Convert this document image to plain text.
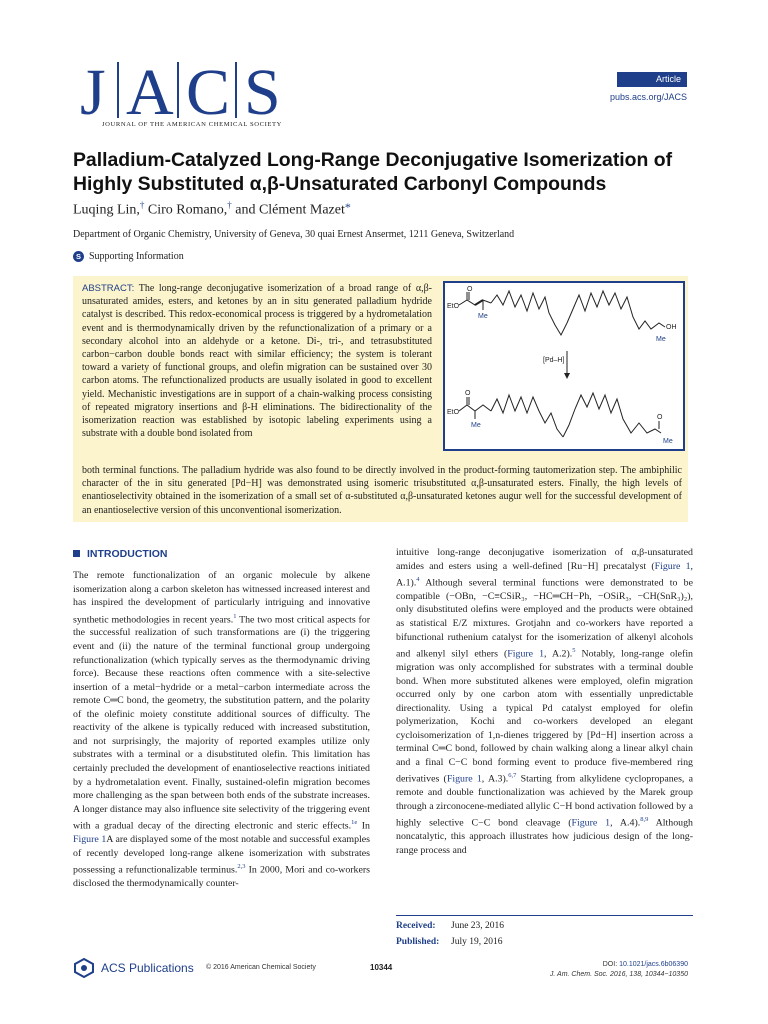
J A C S
JOURNAL OF THE AMERICAN CHEMICAL SOCIETY
Article
pubs.acs.org/JACS
Palladium-Catalyzed Long-Range Deconjugative Isomerization of Highly Substituted α,β-Unsaturated Carbonyl Compounds
Luqing Lin,† Ciro Romano,† and Clément Mazet*
Department of Organic Chemistry, University of Geneva, 30 quai Ernest Ansermet, 1211 Geneva, Switzerland
S Supporting Information
ABSTRACT: The long-range deconjugative isomerization of a broad range of α,β-unsaturated amides, esters, and ketones by an in situ generated palladium hydride catalyst is described. This redox-economical process is triggered by a hydrometalation event and is thermodynamically driven by the refunctionalization of a primary or a secondary alcohol into an aldehyde or a ketone. Di-, tri-, and tetrasubstituted carbon−carbon double bonds react with similar efficiency; the system is tolerant toward a variety of functional groups, and olefin migration can be sustained over 30 carbon atoms. The refunctionalized products are usually isolated in good to excellent yield. Mechanistic investigations are in support of a chain-walking process consisting of repeated migratory insertions and β-H eliminations. The bidirectionality of the isomerization reaction was established by isotopic labeling experiments using a substrate with a double bond isolated from
both terminal functions. The palladium hydride was also found to be directly involved in the product-forming tautomerization step. The ambiphilic character of the in situ generated [Pd−H] was demonstrated using isomeric trisubstituted α,β-unsaturated esters. Finally, the high levels of enantioselectivity obtained in the isomerization of a small set of α-substituted α,β-unsaturated ketones augur well for the successful development of an enantioselective version of this unconventional isomerization.
EtO
O
Me
OH
Me
[Pd–H]
EtO
O
Me
O
Me
INTRODUCTION
The remote functionalization of an organic molecule by alkene isomerization along a carbon skeleton has witnessed increased interest and has inspired the development of particularly intriguing and innovative synthetic methodologies in recent years.$^1$ The two most critical aspects for the successful realization of such transformations are (i) the triggering event and (ii) the nature of the terminal functional group undergoing refunctionalization (which typically serves as the thermodynamic driving force). Because these reactions often commence with a site-selective insertion of a metal−hydride or a metal−carbon intermediate across the remote C═C bond, the geometry, the substitution pattern, and the polarity of the olefinic moiety constitute additional sources of difficulty. The reactivity of the alkene is typically reduced with increased substitution, and not surprisingly, the majority of reported examples utilize only substrates with a terminal or a disubstituted olefin. This limitation has certainly precluded the development of enantioselective reactions initiated by a hydrometalation event. Finally, sustained-olefin migration becomes more challenging as the span between both ends of the substrate increases. A longer distance may also influence site selectivity of the triggering event with a gradual decay of the directing electronic and steric effects.$^{1e}$ In Figure 1A are displayed some of the most notable and successful examples of recently developed long-range alkene isomerization with substrates possessing a refunctionalizable terminus.$^{2,3}$ In 2000, Mori and co-workers disclosed the thermodynamically counter-
intuitive long-range deconjugative isomerization of α,β-unsaturated amides and esters using a well-defined [Ru−H] precatalyst (Figure 1, A.1).$^4$ Although several terminal functions were demonstrated to be compatible (−OBn, −C≡CSiR₃, −HC═CH−Ph, −OSiR₃, −CH(SnR₃)₂), only disubstituted olefins were employed and the products were obtained as statistical E/Z mixtures. Grotjahn and co-workers have reported a bifunctional ruthenium catalyst for the isomerization of alkenyl alcohols and alkenyl silyl ethers (Figure 1, A.2).$^5$ Notably, long-range olefin migration was only accomplished for substrates with a terminal double bond. When more substituted alkenes were employed, olefin migration occurred only by one carbon atom with essentially unpredictable directionality. Using a typical Pd catalyst employed for olefin polymerization, Kochi and co-workers developed an elegant cycloisomerization of 1,n-dienes triggered by [Pd−H] insertion across a terminal C═C bond, followed by chain walking along a linear alkyl chain and a final C−C bond forming event to produce five-membered ring derivatives (Figure 1, A.3).$^{6,7}$ Starting from alkylidene cyclopropanes, a remote and double functionalization was achieved by the Marek group through a zirconocene-mediated allylic C−H bond activation followed by a highly selective C−C bond cleavage (Figure 1, A.4).$^{8,9}$ Although noncatalytic, this approach illustrates how judicious design of the long-range process and
Received: June 23, 2016
Published: July 19, 2016
ACS Publications © 2016 American Chemical Society	10344	DOI: 10.1021/jacs.6b06390
J. Am. Chem. Soc. 2016, 138, 10344−10350
